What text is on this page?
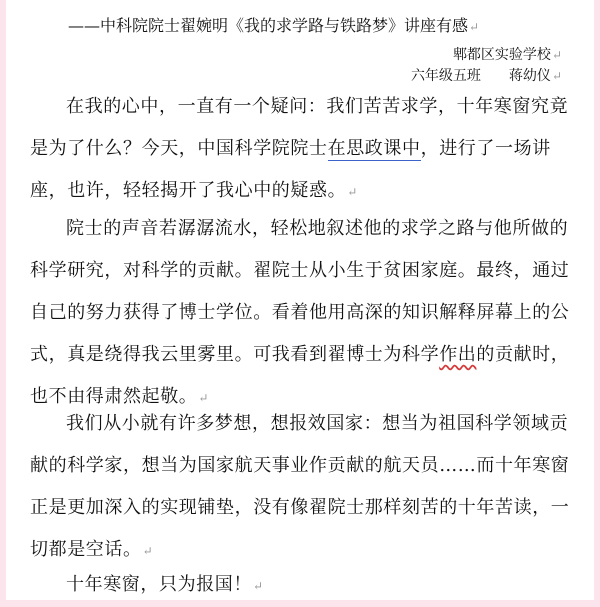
——中科院院士翟婉明《我的求学路与铁路梦》讲座有感↵
郫都区实验学校↵
六年级五班　　蒋幼仪↵
在我的心中，一直有一个疑问：我们苦苦求学，十年寒窗究竟是为了什么？今天，中国科学院院士在思政课中，进行了一场讲座，也许，轻轻揭开了我心中的疑惑。↵
院士的声音若潺潺流水，轻松地叙述他的求学之路与他所做的科学研究，对科学的贡献。翟院士从小生于贫困家庭。最终，通过自己的努力获得了博士学位。看着他用高深的知识解释屏幕上的公式，真是绕得我云里雾里。可我看到翟博士为科学作出的贡献时，也不由得肃然起敬。↵
我们从小就有许多梦想，想报效国家：想当为祖国科学领域贡献的科学家，想当为国家航天事业作贡献的航天员……而十年寒窗正是更加深入的实现铺垫，没有像翟院士那样刻苦的十年苦读，一切都是空话。↵
十年寒窗，只为报国！↵
